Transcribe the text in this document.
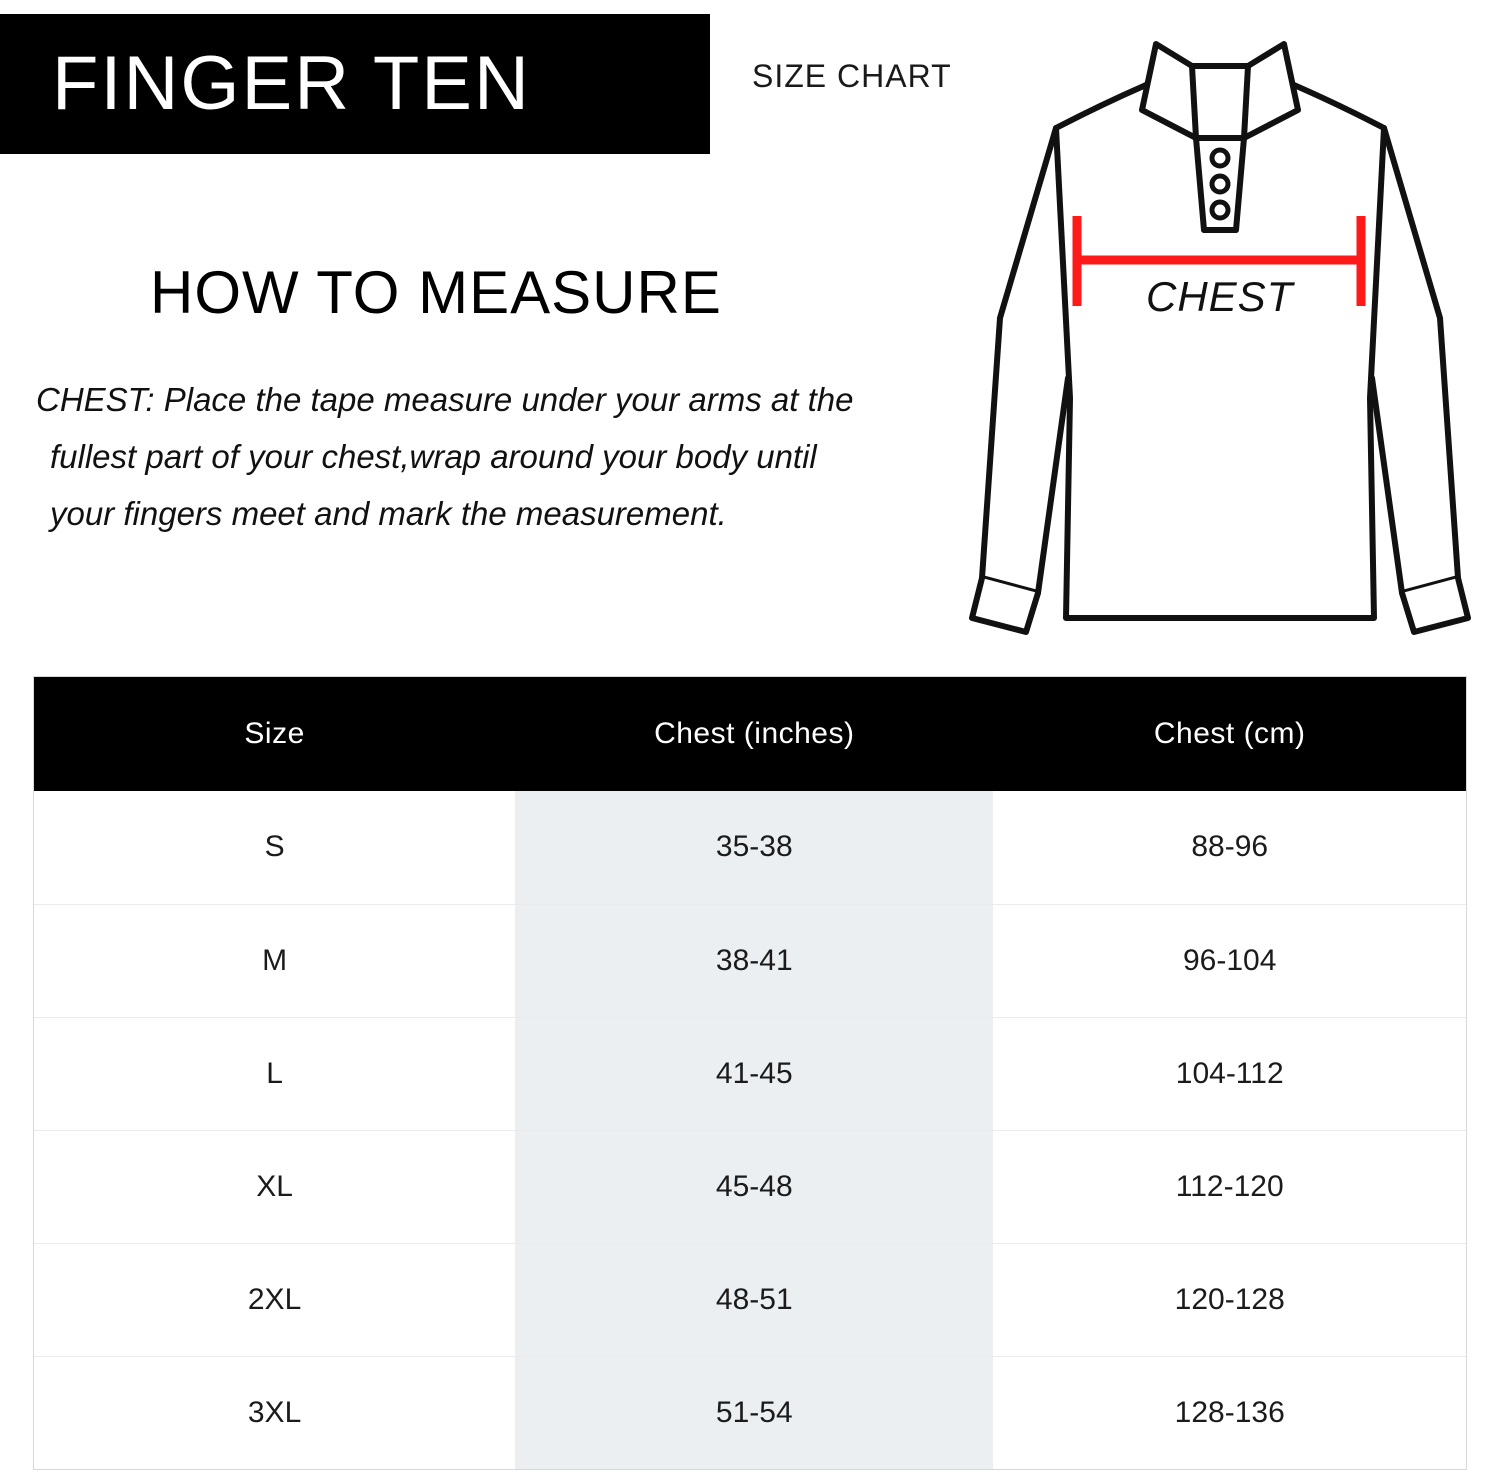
FINGER TEN	SIZE CHART
HOW TO MEASURE

CHEST: Place the tape measure under your arms at the

fullest part of your chest,wrap around your body until

your fingers meet and mark the measurement.

CHEST
Size	Chest (inches)	Chest (cm)
S	35-38	88-96
M	38-41	96-104
L	41-45	104-112
XL	45-48	112-120
2XL	48-51	120-128
3XL	51-54	128-136
